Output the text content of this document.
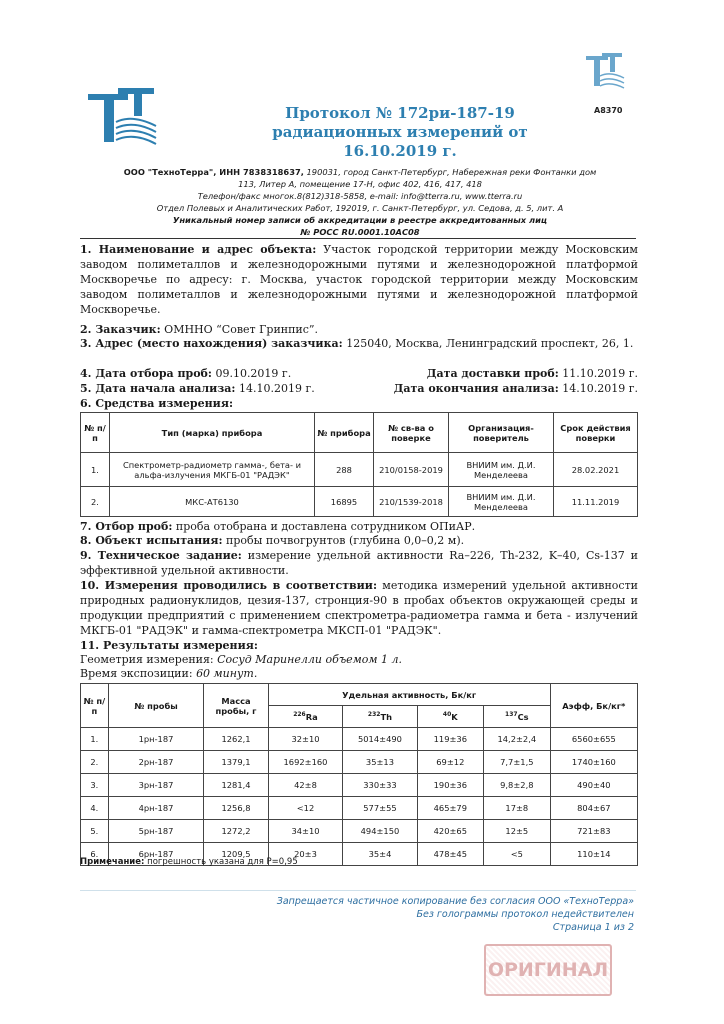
A8370
Протокол № 172ри-187-19
радиационных измерений от 16.10.2019 г.
ООО "ТехноТерра", ИНН 7838318637, 190031, город Санкт-Петербург, Набережная реки Фонтанки дом
113, Литер А, помещение 17-Н, офис 402, 416, 417, 418
Телефон/факс многок.8(812)318-5858, e-mail: info@tterra.ru, www.tterra.ru
Отдел Полевых и Аналитических Работ, 192019, г. Санкт-Петербург, ул. Седова, д. 5, лит. А
Уникальный номер записи об аккредитации в реестре аккредитованных лиц
№ РОСС RU.0001.10АС08
1. Наименование и адрес объекта: Участок городской территории между Московским заводом полиметаллов и железнодорожными путями и железнодорожной платформой Москворечье по адресу: г. Москва, участок городской территории между Московским заводом полиметаллов и железнодорожными путями и железнодорожной платформой Москворечье.
2. Заказчик: ОМННО “Совет Гринпис”.
3. Адрес (место нахождения) заказчика: 125040, Москва, Ленинградский проспект, 26, 1.
4. Дата отбора проб: 09.10.2019 г.	Дата доставки проб: 11.10.2019 г.
5. Дата начала анализа: 14.10.2019 г.	Дата окончания анализа: 14.10.2019 г.
6. Средства измерения:
№ п/п	Тип (марка) прибора	№ прибора	№ св-ва о поверке	Организация-поверитель	Срок действия поверки
1.	Спектрометр-радиометр гамма-, бета- и альфа-излучения МКГБ-01 "РАДЭК"	288	210/0158-2019	ВНИИМ им. Д.И. Менделеева	28.02.2021
2.	МКС-АТ6130	16895	210/1539-2018	ВНИИМ им. Д.И. Менделеева	11.11.2019
7. Отбор проб: проба отобрана и доставлена сотрудником ОПиАР.
8. Объект испытания: пробы почвогрунтов (глубина 0,0–0,2 м).
9. Техническое задание: измерение удельной активности Ra–226, Th-232, K–40, Cs-137 и эффективной удельной активности.
10. Измерения проводились в соответствии: методика измерений удельной активности природных радионуклидов, цезия-137, стронция-90 в пробах объектов окружающей среды и продукции предприятий с применением спектрометра-радиометра гамма и бета - излучений МКГБ-01 "РАДЭК" и гамма-спектрометра МКСП-01 "РАДЭК".
11. Результаты измерения:
Геометрия измерения: Сосуд Маринелли объемом 1 л.
Время экспозиции: 60 минут.
№ п/п	№ пробы	Масса пробы, г	Удельная активность, Бк/кг				Аэфф, Бк/кг*
			$^{226}$Ra	$^{232}$Th	$^{40}$K	$^{137}$Cs	
1.	1рн-187	1262,1	32±10	5014±490	119±36	14,2±2,4	6560±655
2.	2рн-187	1379,1	1692±160	35±13	69±12	7,7±1,5	1740±160
3.	3рн-187	1281,4	42±8	330±33	190±36	9,8±2,8	490±40
4.	4рн-187	1256,8	<12	577±55	465±79	17±8	804±67
5.	5рн-187	1272,2	34±10	494±150	420±65	12±5	721±83
6.	6рн-187	1209,5	20±3	35±4	478±45	<5	110±14
Примечание: погрешность указана для P=0,95
Запрещается частичное копирование без согласия ООО «ТехноТерра»
Без голограммы протокол недействителен
Страница 1 из 2
ОРИГИНАЛ
